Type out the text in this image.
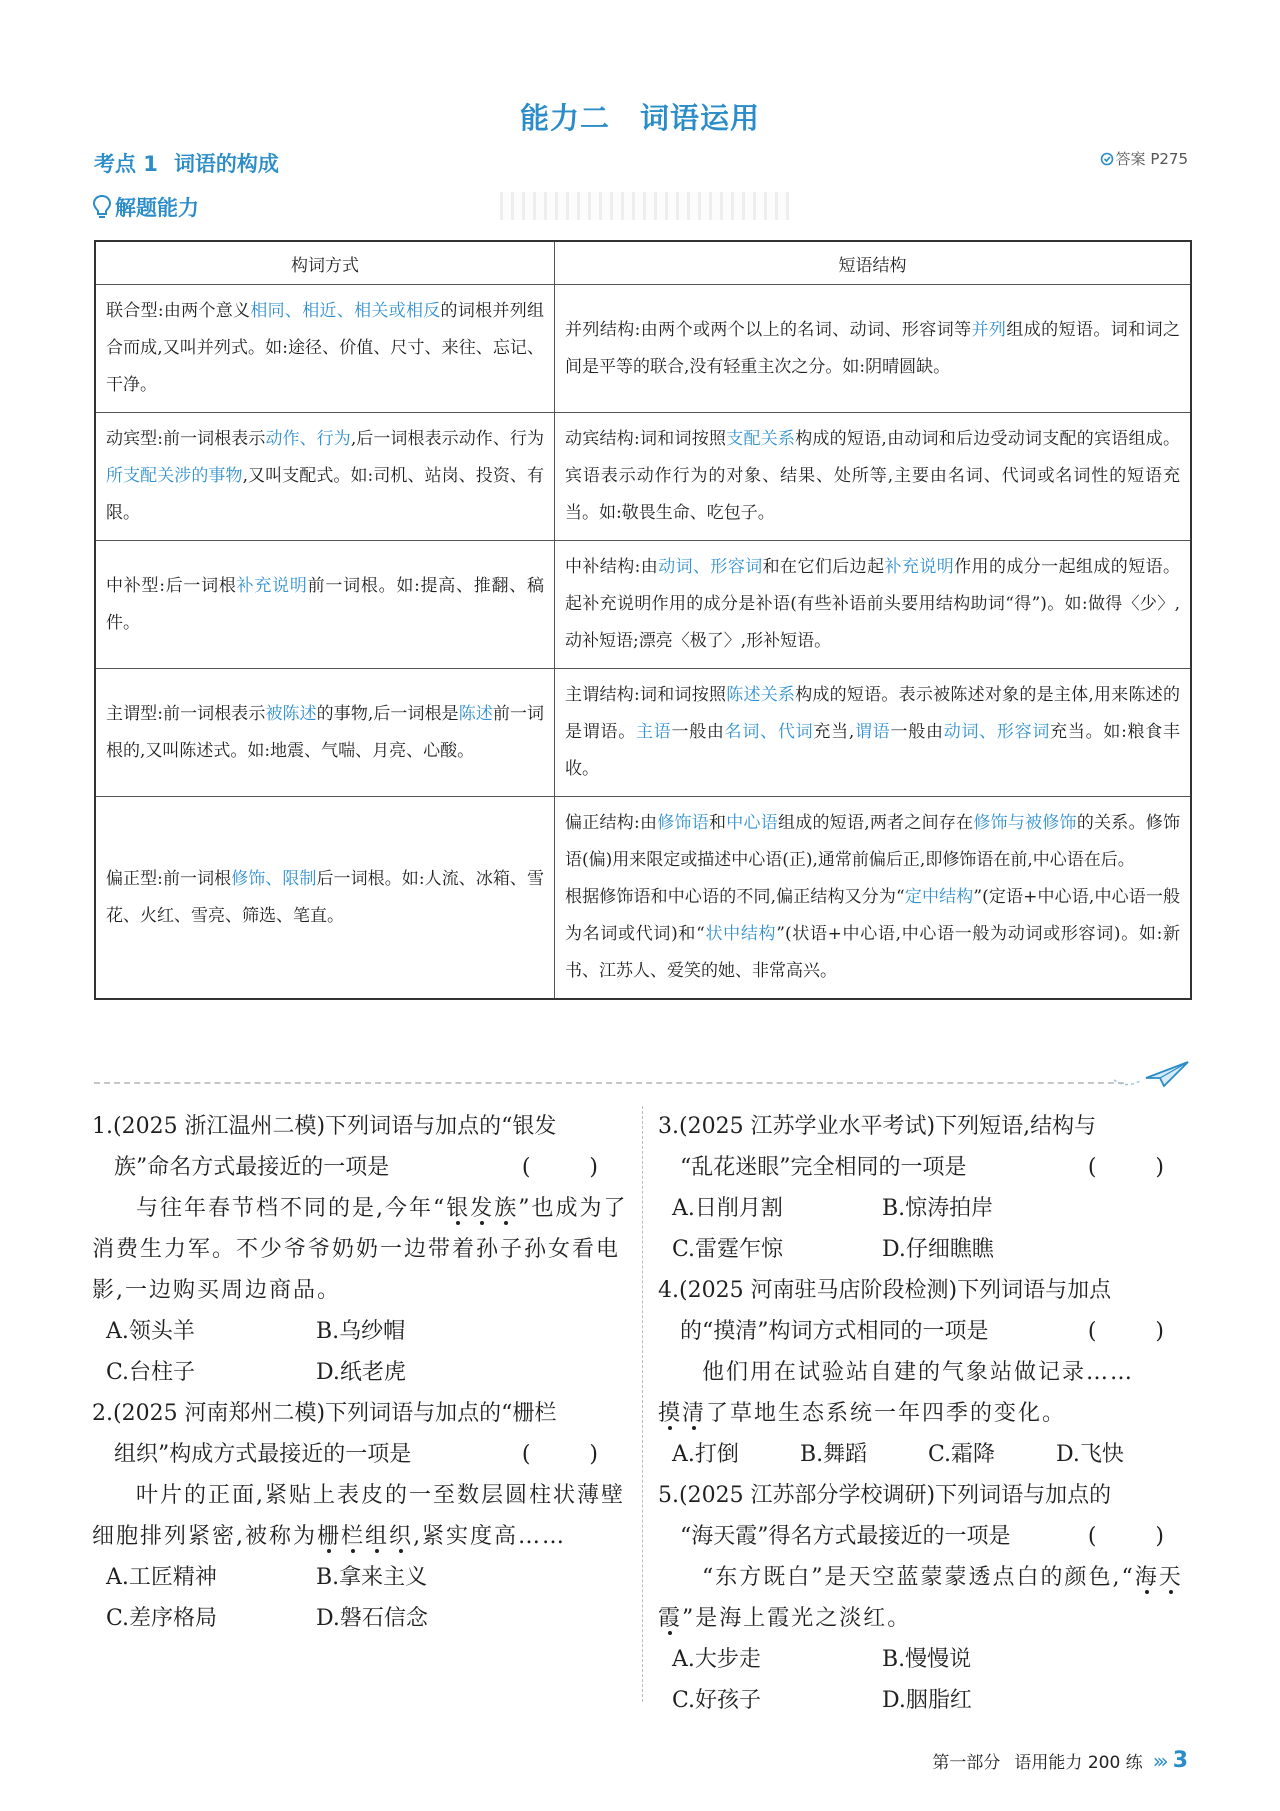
能力二 词语运用
考点 1 词语的构成	答案 P275
解题能力
构词方式	短语结构
联合型:由两个意义相同、相近、相关或相反的词根并列组合而成,又叫并列式。如:途径、价值、尺寸、来往、忘记、干净。	并列结构:由两个或两个以上的名词、动词、形容词等并列组成的短语。词和词之间是平等的联合,没有轻重主次之分。如:阴晴圆缺。
动宾型:前一词根表示动作、行为,后一词根表示动作、行为所支配关涉的事物,又叫支配式。如:司机、站岗、投资、有限。	动宾结构:词和词按照支配关系构成的短语,由动词和后边受动词支配的宾语组成。宾语表示动作行为的对象、结果、处所等,主要由名词、代词或名词性的短语充当。如:敬畏生命、吃包子。
中补型:后一词根补充说明前一词根。如:提高、推翻、稿件。	中补结构:由动词、形容词和在它们后边起补充说明作用的成分一起组成的短语。起补充说明作用的成分是补语(有些补语前头要用结构助词“得”)。如:做得〈少〉,动补短语;漂亮〈极了〉,形补短语。
主谓型:前一词根表示被陈述的事物,后一词根是陈述前一词根的,又叫陈述式。如:地震、气喘、月亮、心酸。	主谓结构:词和词按照陈述关系构成的短语。表示被陈述对象的是主体,用来陈述的是谓语。主语一般由名词、代词充当,谓语一般由动词、形容词充当。如:粮食丰收。
偏正型:前一词根修饰、限制后一词根。如:人流、冰箱、雪花、火红、雪亮、筛选、笔直。	偏正结构:由修饰语和中心语组成的短语,两者之间存在修饰与被修饰的关系。修饰语(偏)用来限定或描述中心语(正),通常前偏后正,即修饰语在前,中心语在后。
根据修饰语和中心语的不同,偏正结构又分为“定中结构”(定语+中心语,中心语一般为名词或代词)和“状中结构”(状语+中心语,中心语一般为动词或形容词)。如:新书、江苏人、爱笑的她、非常高兴。
1.(2025 浙江温州二模)下列词语与加点的“银发
族”命名方式最接近的一项是	( )
与往年春节档不同的是,今年“银发族”也成为了消费生力军。不少爷爷奶奶一边带着孙子孙女看电影,一边购买周边商品。
A.领头羊	B.乌纱帽
C.台柱子	D.纸老虎
2.(2025 河南郑州二模)下列词语与加点的“栅栏
组织”构成方式最接近的一项是	( )
叶片的正面,紧贴上表皮的一至数层圆柱状薄壁细胞排列紧密,被称为栅栏组织,紧实度高……
A.工匠精神	B.拿来主义
C.差序格局	D.磐石信念
3.(2025 江苏学业水平考试)下列短语,结构与
“乱花迷眼”完全相同的一项是	( )
A.日削月割	B.惊涛拍岸
C.雷霆乍惊	D.仔细瞧瞧
4.(2025 河南驻马店阶段检测)下列词语与加点
的“摸清”构词方式相同的一项是	( )
他们用在试验站自建的气象站做记录……
摸清了草地生态系统一年四季的变化。
A.打倒	B.舞蹈	C.霜降	D.飞快
5.(2025 江苏部分学校调研)下列词语与加点的
“海天霞”得名方式最接近的一项是	( )
“东方既白”是天空蓝蒙蒙透点白的颜色,“海天霞”是海上霞光之淡红。
A.大步走	B.慢慢说
C.好孩子	D.胭脂红
第一部分 语用能力 200 练 ››› 3
